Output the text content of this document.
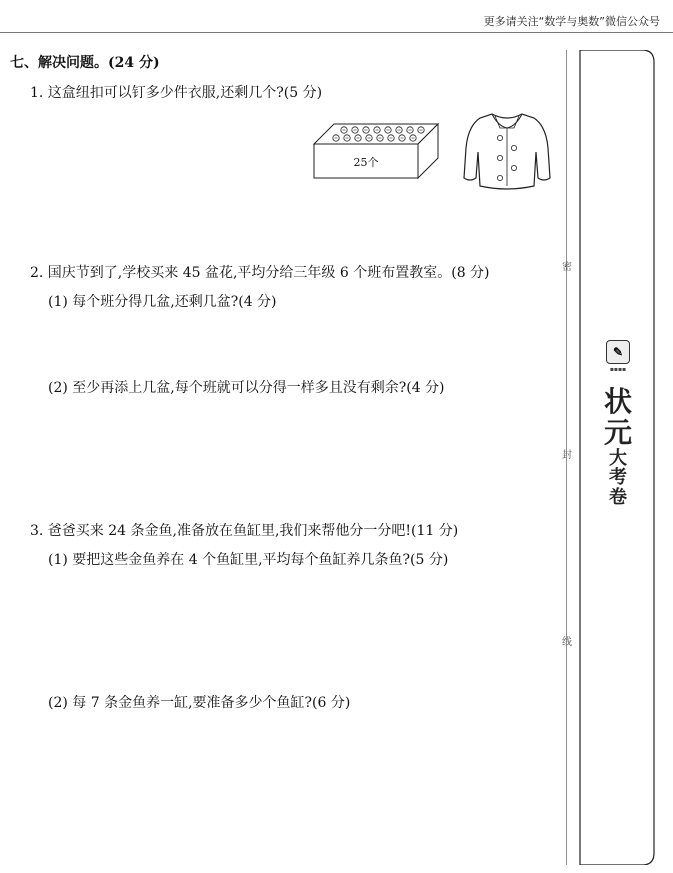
更多请关注“数学与奥数”微信公众号
七、解决问题。(24 分)
1. 这盒纽扣可以钉多少件衣服,还剩几个?(5 分)
25个
2. 国庆节到了,学校买来 45 盆花,平均分给三年级 6 个班布置教室。(8 分)
(1) 每个班分得几盆,还剩几盆?(4 分)
(2) 至少再添上几盆,每个班就可以分得一样多且没有剩余?(4 分)
3. 爸爸买来 24 条金鱼,准备放在鱼缸里,我们来帮他分一分吧!(11 分)
(1) 要把这些金鱼养在 4 个鱼缸里,平均每个鱼缸养几条鱼?(5 分)
(2) 每 7 条金鱼养一缸,要准备多少个鱼缸?(6 分)
密
封
线
✎
▪▪▪▪
状
元
大
考
卷
